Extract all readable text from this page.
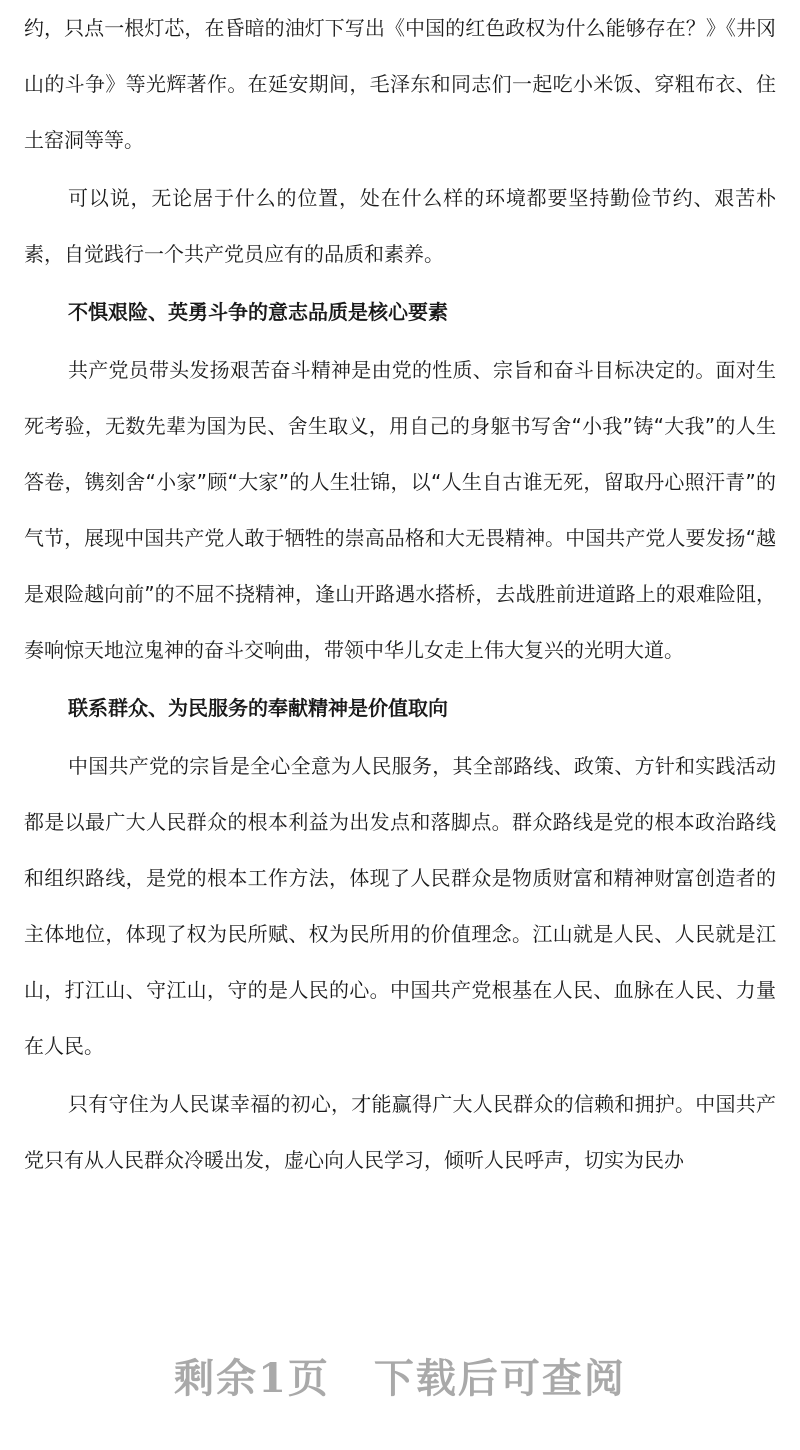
约，只点一根灯芯，在昏暗的油灯下写出《中国的红色政权为什么能够存在？》《井冈山的斗争》等光辉著作。在延安期间，毛泽东和同志们一起吃小米饭、穿粗布衣、住土窑洞等等。

可以说，无论居于什么的位置，处在什么样的环境都要坚持勤俭节约、艰苦朴素，自觉践行一个共产党员应有的品质和素养。

不惧艰险、英勇斗争的意志品质是核心要素

共产党员带头发扬艰苦奋斗精神是由党的性质、宗旨和奋斗目标决定的。面对生死考验，无数先辈为国为民、舍生取义，用自己的身躯书写舍“小我”铸“大我”的人生答卷，镌刻舍“小家”顾“大家”的人生壮锦，以“人生自古谁无死，留取丹心照汗青”的气节，展现中国共产党人敢于牺牲的崇高品格和大无畏精神。中国共产党人要发扬“越是艰险越向前”的不屈不挠精神，逢山开路遇水搭桥，去战胜前进道路上的艰难险阻，奏响惊天地泣鬼神的奋斗交响曲，带领中华儿女走上伟大复兴的光明大道。

联系群众、为民服务的奉献精神是价值取向

中国共产党的宗旨是全心全意为人民服务，其全部路线、政策、方针和实践活动都是以最广大人民群众的根本利益为出发点和落脚点。群众路线是党的根本政治路线和组织路线，是党的根本工作方法，体现了人民群众是物质财富和精神财富创造者的主体地位，体现了权为民所赋、权为民所用的价值理念。江山就是人民、人民就是江山，打江山、守江山，守的是人民的心。中国共产党根基在人民、血脉在人民、力量在人民。

只有守住为人民谋幸福的初心，才能赢得广大人民群众的信赖和拥护。中国共产党只有从人民群众冷暖出发，虚心向人民学习，倾听人民呼声，切实为民办

剩余1页 下载后可查阅
